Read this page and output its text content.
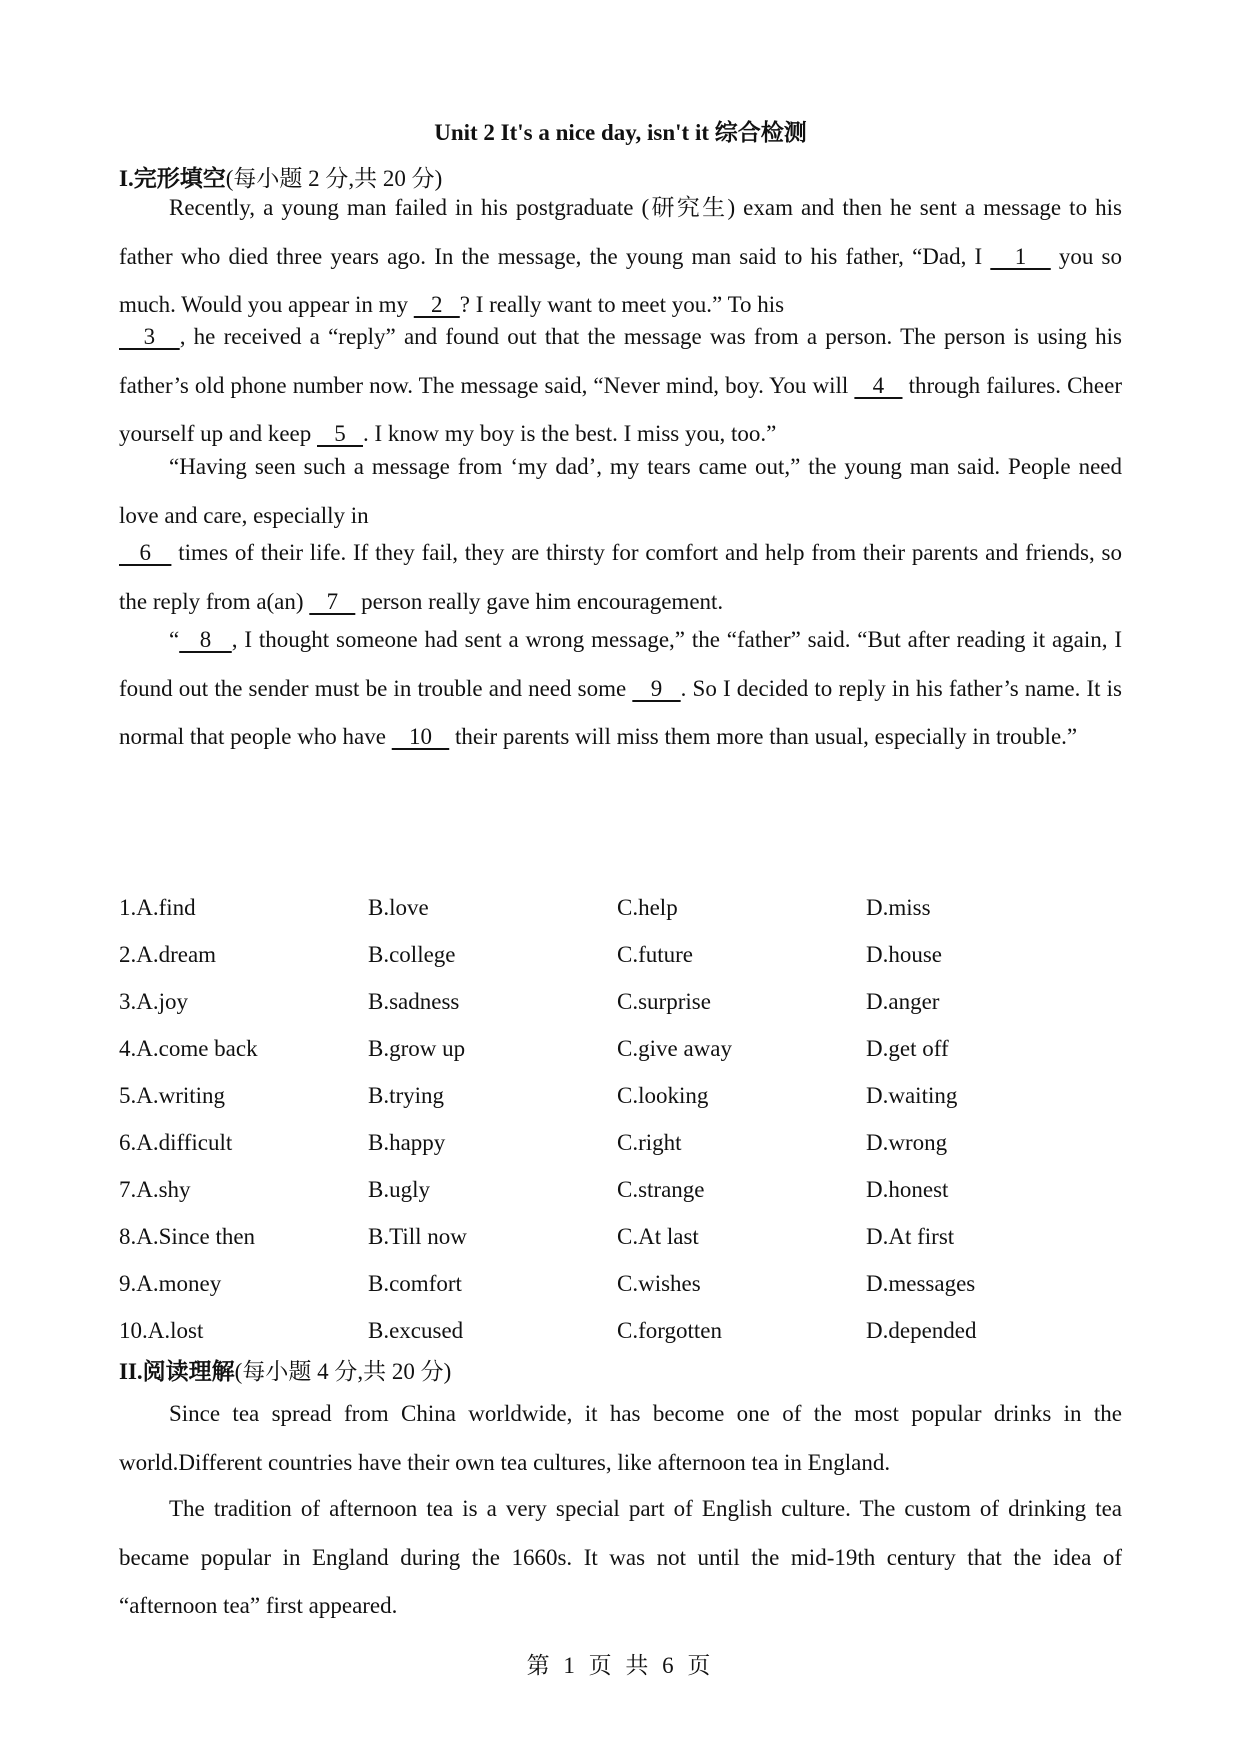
Unit 2 It's a nice day, isn't it 综合检测
I.完形填空(每小题 2 分,共 20 分)
Recently, a young man failed in his postgraduate (研究生) exam and then he sent a message to his father who died three years ago. In the message, the young man said to his father, “Dad, I    1    you so much. Would you appear in my    2   ? I really want to meet you.” To his
3   , he received a “reply” and found out that the message was from a person. The person is using his father’s old phone number now. The message said, “Never mind, boy. You will    4    through failures. Cheer yourself up and keep    5   . I know my boy is the best. I miss you, too.”
“Having seen such a message from ‘my dad’, my tears came out,” the young man said. People need love and care, especially in
6    times of their life. If they fail, they are thirsty for comfort and help from their parents and friends, so the reply from a(an)    7    person really gave him encouragement.
“   8   , I thought someone had sent a wrong message,” the “father” said. “But after reading it again, I found out the sender must be in trouble and need some    9   . So I decided to reply in his father’s name. It is normal that people who have    10    their parents will miss them more than usual, especially in trouble.”
1.A.find	B.love	C.help	D.miss
2.A.dream	B.college	C.future	D.house
3.A.joy	B.sadness	C.surprise	D.anger
4.A.come back	B.grow up	C.give away	D.get off
5.A.writing	B.trying	C.looking	D.waiting
6.A.difficult	B.happy	C.right	D.wrong
7.A.shy	B.ugly	C.strange	D.honest
8.A.Since then	B.Till now	C.At last	D.At first
9.A.money	B.comfort	C.wishes	D.messages
10.A.lost	B.excused	C.forgotten	D.depended
II.阅读理解(每小题 4 分,共 20 分)
Since tea spread from China worldwide, it has become one of the most popular drinks in the world.Different countries have their own tea cultures, like afternoon tea in England.
The tradition of afternoon tea is a very special part of English culture. The custom of drinking tea became popular in England during the 1660s. It was not until the mid-19th century that the idea of “afternoon tea” first appeared.
第 1 页 共 6 页
